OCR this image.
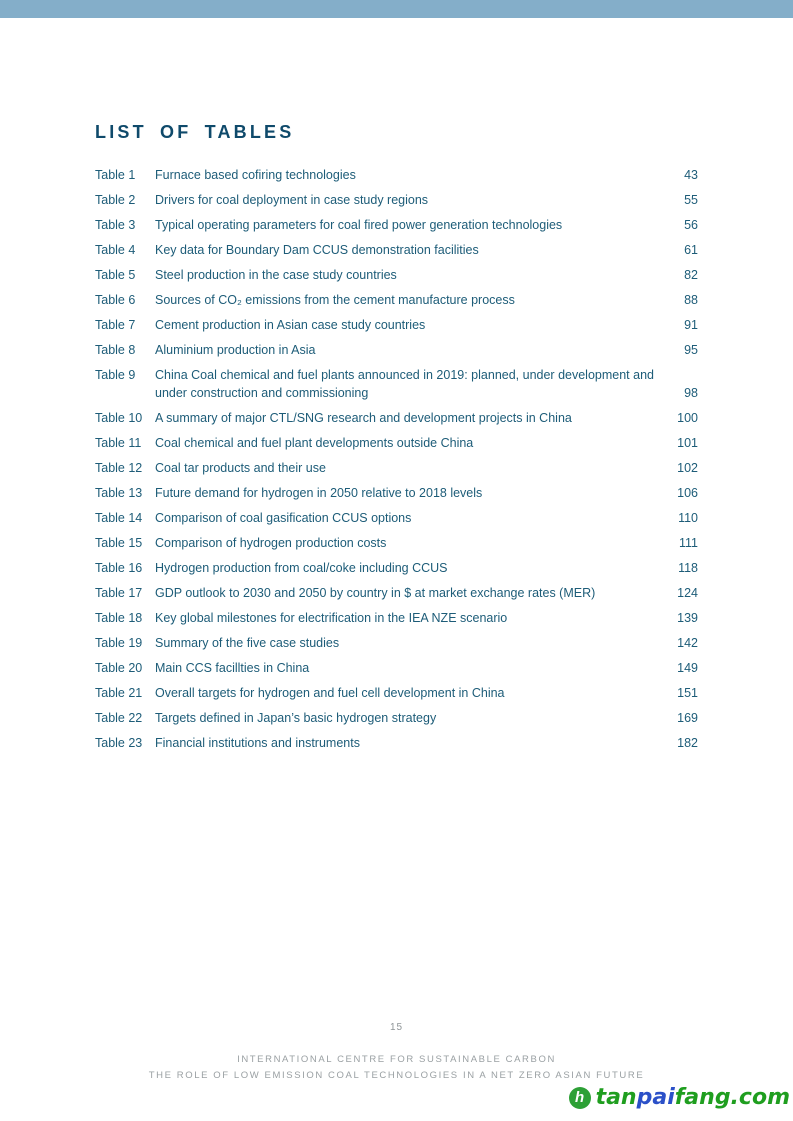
LIST OF TABLES
Table 1	Furnace based cofiring technologies	43
Table 2	Drivers for coal deployment in case study regions	55
Table 3	Typical operating parameters for coal fired power generation technologies	56
Table 4	Key data for Boundary Dam CCUS demonstration facilities	61
Table 5	Steel production in the case study countries	82
Table 6	Sources of CO₂ emissions from the cement manufacture process	88
Table 7	Cement production in Asian case study countries	91
Table 8	Aluminium production in Asia	95
Table 9	China Coal chemical and fuel plants announced in 2019: planned, under development and under construction and commissioning	98
Table 10	A summary of major CTL/SNG research and development projects in China	100
Table 11	Coal chemical and fuel plant developments outside China	101
Table 12	Coal tar products and their use	102
Table 13	Future demand for hydrogen in 2050 relative to 2018 levels	106
Table 14	Comparison of coal gasification CCUS options	110
Table 15	Comparison of hydrogen production costs	111
Table 16	Hydrogen production from coal/coke including CCUS	118
Table 17	GDP outlook to 2030 and 2050 by country in $ at market exchange rates (MER)	124
Table 18	Key global milestones for electrification in the IEA NZE scenario	139
Table 19	Summary of the five case studies	142
Table 20	Main CCS facillties in China	149
Table 21	Overall targets for hydrogen and fuel cell development in China	151
Table 22	Targets defined in Japan’s basic hydrogen strategy	169
Table 23	Financial institutions and instruments	182
15
INTERNATIONAL CENTRE FOR SUSTAINABLE CARBON
THE ROLE OF LOW EMISSION COAL TECHNOLOGIES IN A NET ZERO ASIAN FUTURE
h tanpaifang.com
